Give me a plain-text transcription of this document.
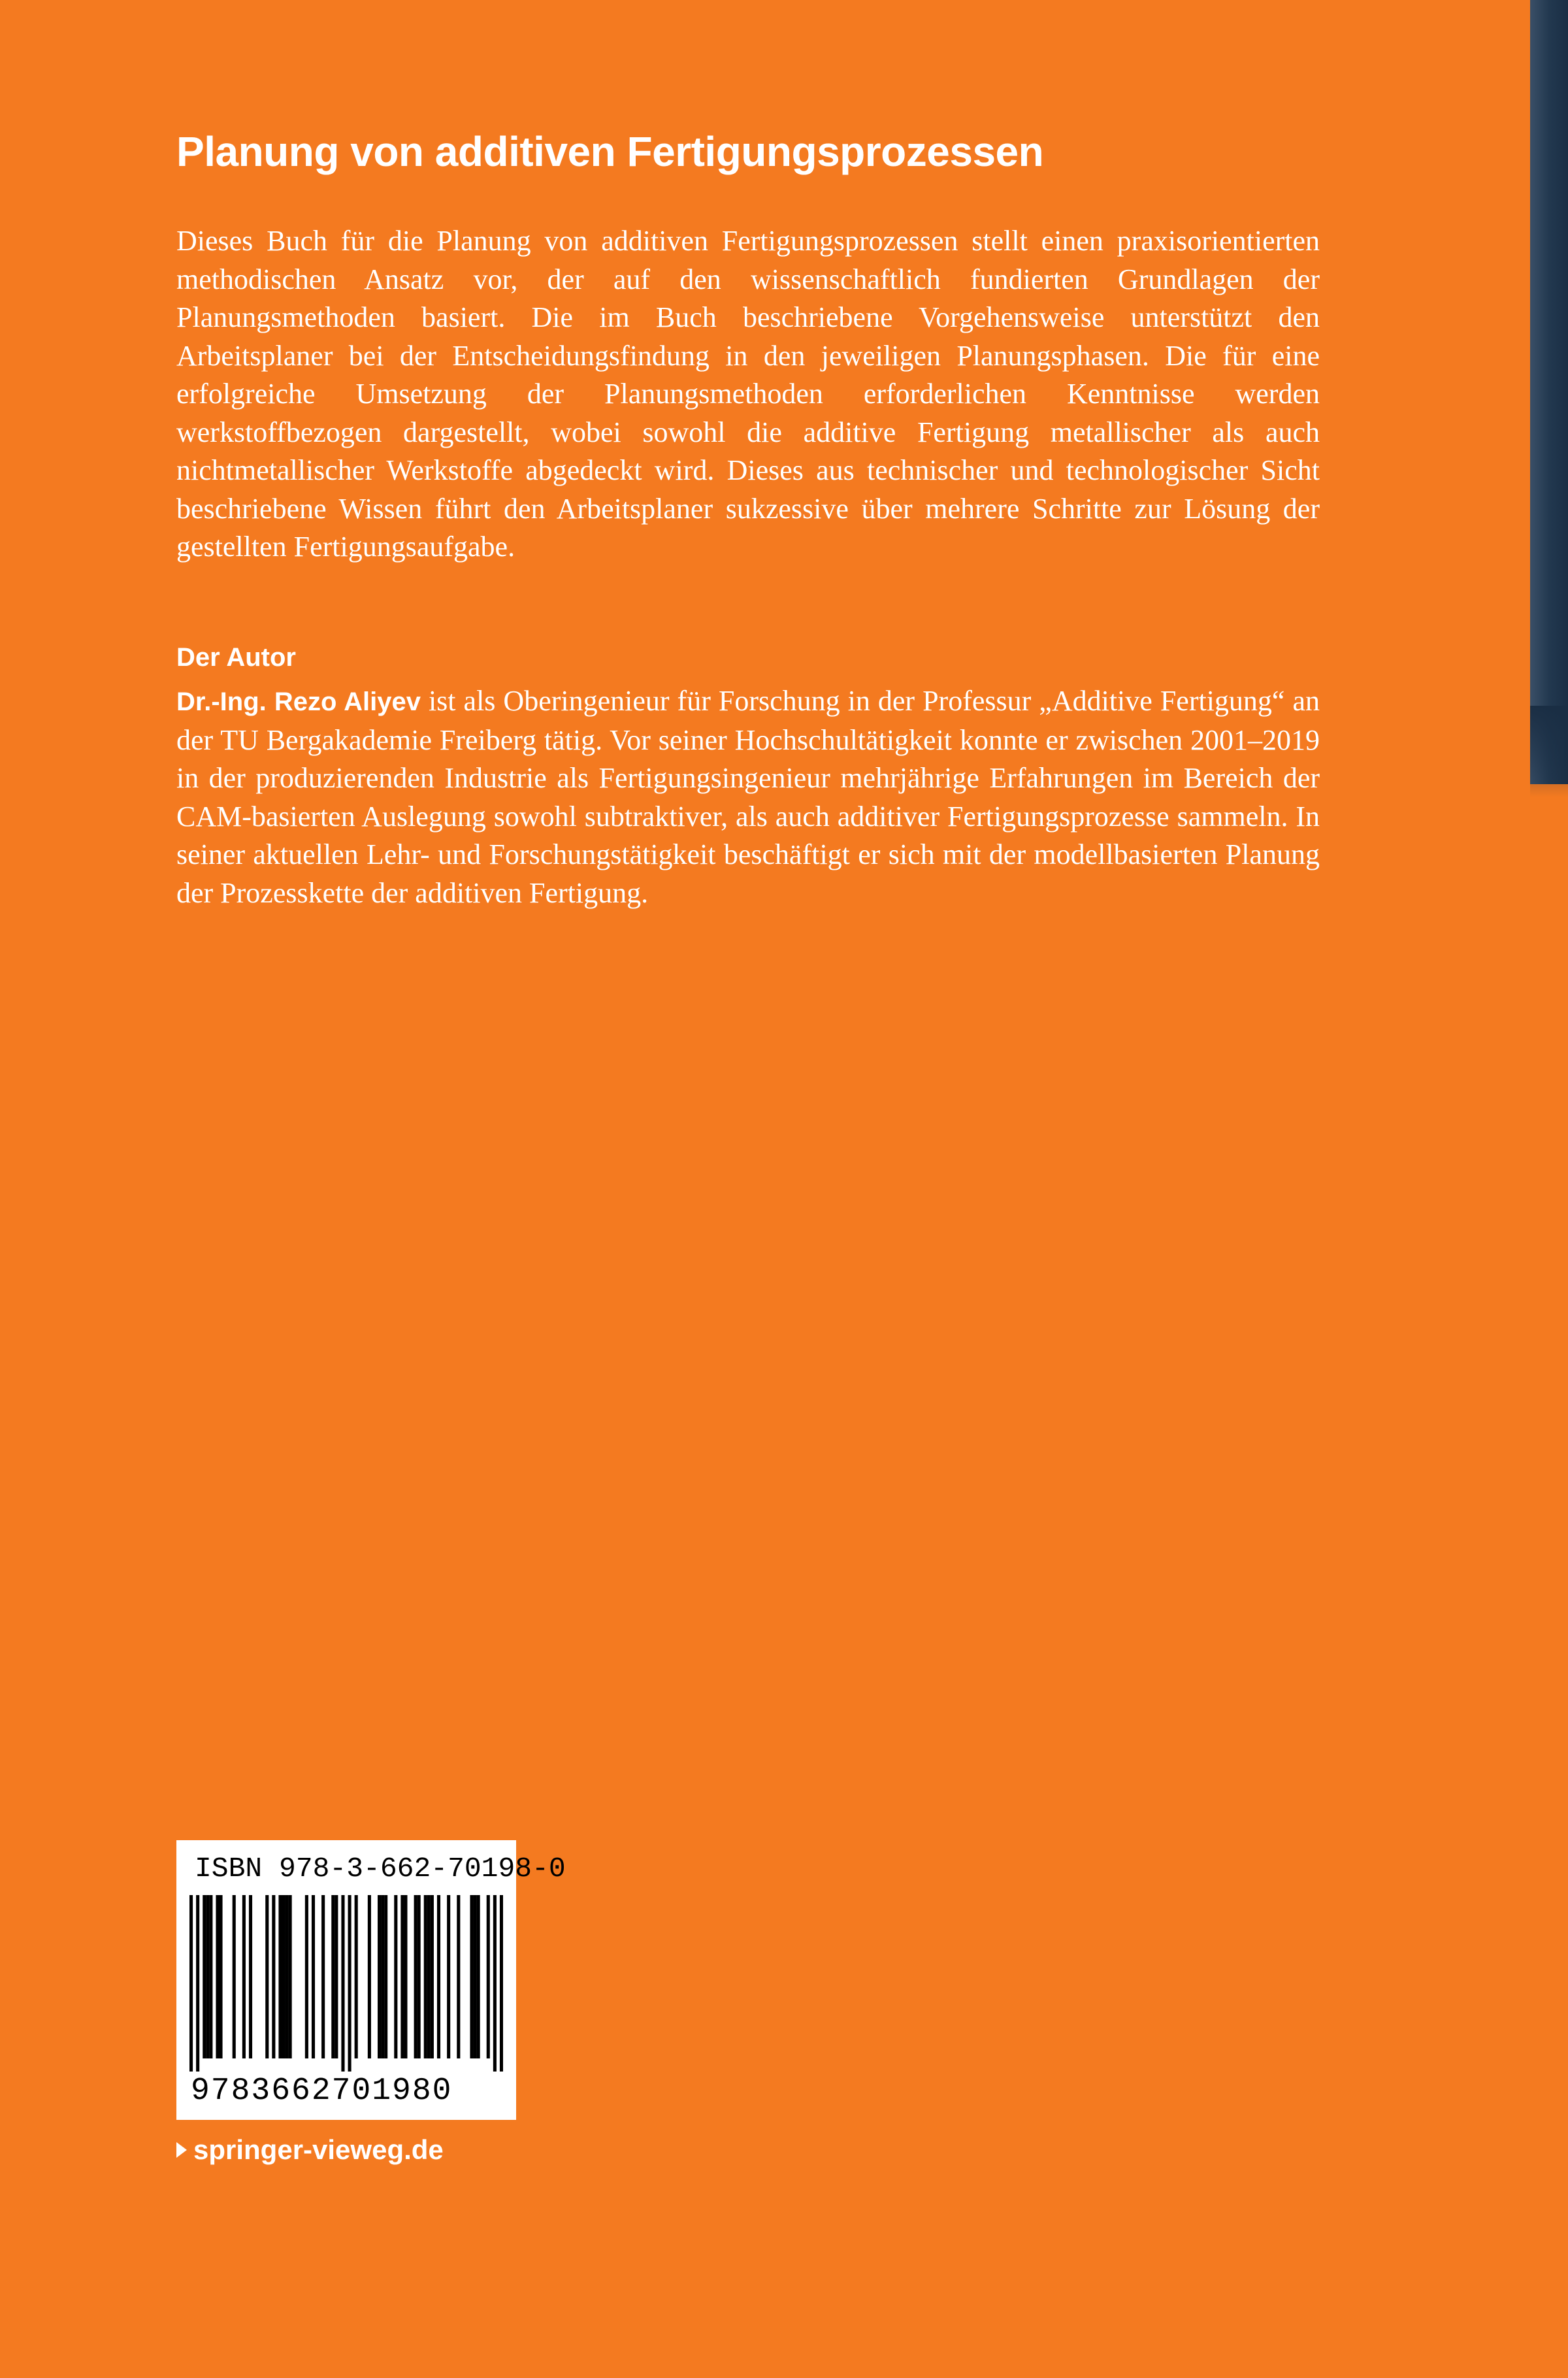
Planung von additiven Fertigungsprozessen

Dieses Buch für die Planung von additiven Fertigungsprozessen stellt einen praxisorientierten methodischen Ansatz vor, der auf den wissenschaftlich fundierten Grundlagen der Planungsmethoden basiert. Die im Buch beschriebene Vorgehensweise unterstützt den Arbeitsplaner bei der Entscheidungsfindung in den jeweiligen Planungsphasen. Die für eine erfolgreiche Umsetzung der Planungsmethoden erforderlichen Kenntnisse werden werkstoffbezogen dargestellt, wobei sowohl die additive Fertigung metallischer als auch nichtmetallischer Werkstoffe abgedeckt wird. Dieses aus technischer und technologischer Sicht beschriebene Wissen führt den Arbeitsplaner sukzessive über mehrere Schritte zur Lösung der gestellten Fertigungsaufgabe.

Der Autor

Dr.-Ing. Rezo Aliyev ist als Oberingenieur für Forschung in der Professur „Additive Fertigung“ an der TU Bergakademie Freiberg tätig. Vor seiner Hochschultätigkeit konnte er zwischen 2001–2019 in der produzierenden Industrie als Fertigungsingenieur mehrjährige Erfahrungen im Bereich der CAM-basierten Auslegung sowohl subtraktiver, als auch additiver Fertigungsprozesse sammeln. In seiner aktuellen Lehr- und Forschungstätigkeit beschäftigt er sich mit der modellbasierten Planung der Prozesskette der additiven Fertigung.

ISBN 978-3-662-70198-0
9783662701980
springer-vieweg.de
